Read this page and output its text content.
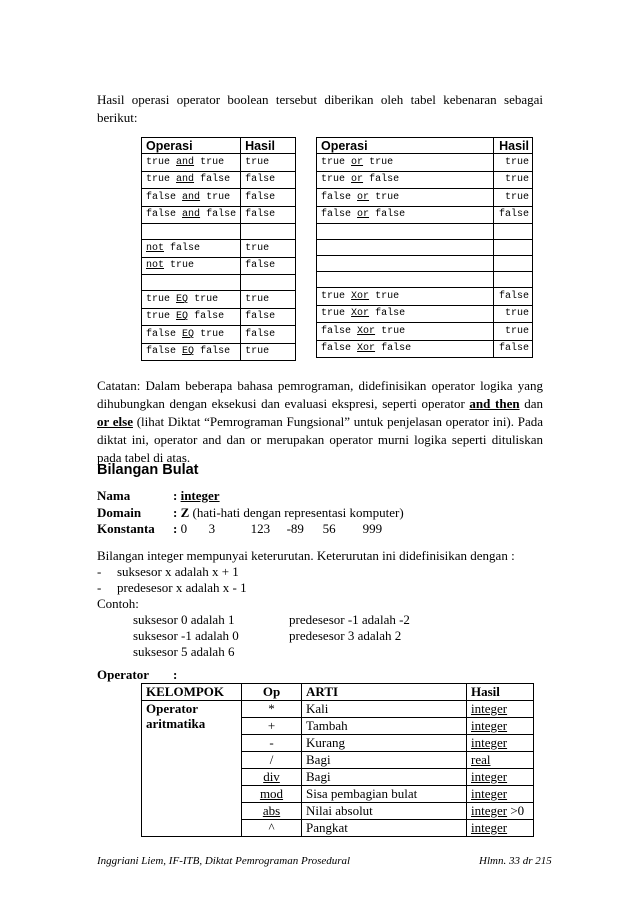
Hasil operasi operator boolean tersebut diberikan oleh tabel kebenaran sebagai berikut:

Operasi	Hasil
true and true	true
true and false	false
false and true	false
false and false	false

not false	true
not true	false

true EQ true	true
true EQ false	false
false EQ true	false
false EQ false	true
Operasi	Hasil
true or true	true
true or false	true
false or true	true
false or false	false

true Xor true	false
true Xor false	true
false Xor true	true
false Xor false	false

Catatan: Dalam beberapa bahasa pemrograman, didefinisikan operator logika yang dihubungkan dengan eksekusi dan evaluasi ekspresi, seperti operator and then dan or else (lihat Diktat “Pemrograman Fungsional” untuk penjelasan operator ini). Pada diktat ini, operator and dan or merupakan operator murni logika seperti dituliskan pada tabel di atas.

Bilangan Bulat
Nama	: integer
Domain : Z (hati-hati dengan representasi komputer)
Konstanta : 0 3	123 -89 56 999
Bilangan integer mempunyai keterurutan. Keterurutan ini didefinisikan dengan :
- suksesor x adalah x + 1
- predesesor x adalah x - 1
Contoh:
suksesor 0 adalah 1
suksesor -1 adalah 0
suksesor 5 adalah 6
predesesor -1 adalah -2
predesesor 3 adalah 2
Operator :
KELOMPOK	Op	ARTI	Hasil

Operator
aritmatika	*	Kali	integer
	+	Tambah	integer
	-	Kurang	integer
	/	Bagi	real
	div	Bagi	integer
	mod	Sisa pembagian bulat	integer
	abs	Nilai absolut	integer >0
	^	Pangkat	integer
Inggriani Liem, IF-ITB, Diktat Pemrograman Prosedural	Hlmn. 33 dr 215
